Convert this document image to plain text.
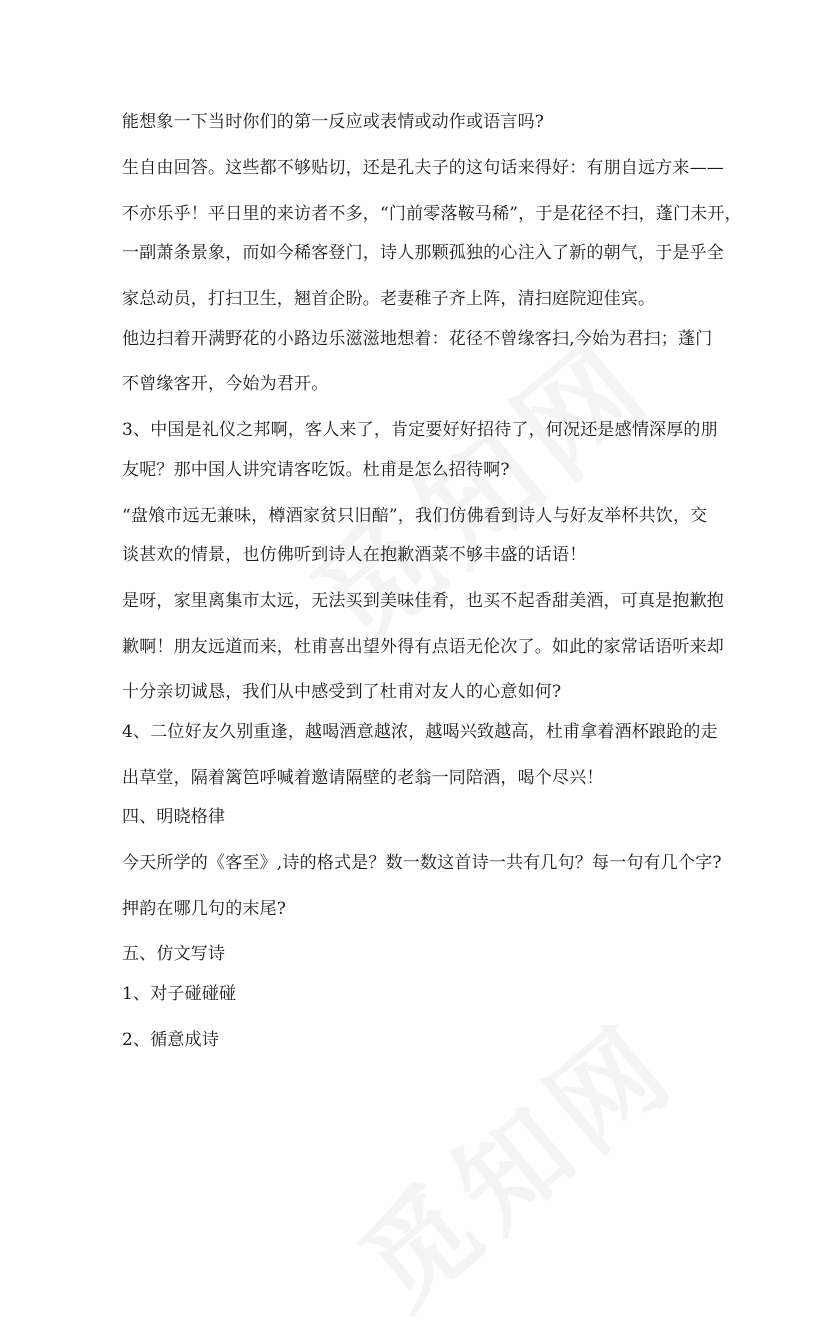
能想象一下当时你们的第一反应或表情或动作或语言吗?
生自由回答。这些都不够贴切，还是孔夫子的这句话来得好：有朋自远方来——
不亦乐乎！平日里的来访者不多，“门前零落鞍马稀”，于是花径不扫，蓬门未开，
一副萧条景象，而如今稀客登门，诗人那颗孤独的心注入了新的朝气，于是乎全
家总动员，打扫卫生，翘首企盼。老妻稚子齐上阵，清扫庭院迎佳宾。
他边扫着开满野花的小路边乐滋滋地想着：花径不曾缘客扫,今始为君扫；蓬门
不曾缘客开，今始为君开。
3、中国是礼仪之邦啊，客人来了，肯定要好好招待了，何况还是感情深厚的朋
友呢？那中国人讲究请客吃饭。杜甫是怎么招待啊?
“盘飧市远无兼味，樽酒家贫只旧醅”，我们仿佛看到诗人与好友举杯共饮，交
谈甚欢的情景，也仿佛听到诗人在抱歉酒菜不够丰盛的话语！
是呀，家里离集市太远，无法买到美味佳肴，也买不起香甜美酒，可真是抱歉抱
歉啊！朋友远道而来，杜甫喜出望外得有点语无伦次了。如此的家常话语听来却
十分亲切诚恳，我们从中感受到了杜甫对友人的心意如何?
4、二位好友久别重逢，越喝酒意越浓，越喝兴致越高，杜甫拿着酒杯踉跄的走
出草堂，隔着篱笆呼喊着邀请隔壁的老翁一同陪酒，喝个尽兴！
四、明晓格律
今天所学的《客至》,诗的格式是？数一数这首诗一共有几句？每一句有几个字?
押韵在哪几句的末尾?
五、仿文写诗
1、对子碰碰碰
2、循意成诗
